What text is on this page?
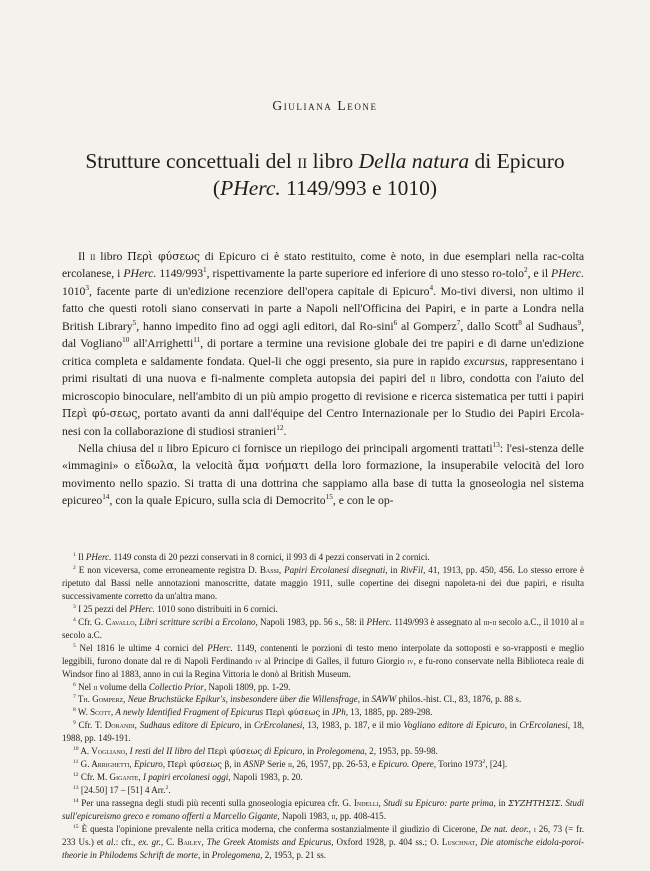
Giuliana Leone
Strutture concettuali del ii libro Della natura di Epicuro
(PHerc. 1149/993 e 1010)

Il ii libro Περὶ φύσεως di Epicuro ci è stato restituito, come è noto, in due esemplari nella rac-colta ercolanese, i PHerc. $1149/993^1$, rispettivamente la parte superiore ed inferiore di uno stesso ro-tolo$^2$, e il PHerc. 1010$^3$, facente parte di un'edizione recenziore dell'opera capitale di Epicuro$^4$. Mo-tivi diversi, non ultimo il fatto che questi rotoli siano conservati in parte a Napoli nell'Officina dei Papiri, e in parte a Londra nella British Library$^5$, hanno impedito fino ad oggi agli editori, dal Ro-sini$^6$ al Gomperz$^7$, dallo Scott$^8$ al Sudhaus$^9$, dal Vogliano$^{10}$ all'Arrighetti$^{11}$, di portare a termine una revisione globale dei tre papiri e di darne un'edizione critica completa e saldamente fondata. Quel-li che oggi presento, sia pure in rapido excursus, rappresentano i primi risultati di una nuova e fi-nalmente completa autopsia dei papiri del ii libro, condotta con l'aiuto del microscopio binoculare, nell'ambito di un più ampio progetto di revisione e ricerca sistematica per tutti i papiri Περὶ φύ-σεως, portato avanti da anni dall'équipe del Centro Internazionale per lo Studio dei Papiri Ercola-nesi con la collaborazione di studiosi stranieri$^{12}$.

Nella chiusa del ii libro Epicuro ci fornisce un riepilogo dei principali argomenti trattati$^{13}$: l'esi-stenza delle «immagini» o εἴδωλα, la velocità ἅμα νοήματι della loro formazione, la insuperabile velocità del loro movimento nello spazio. Si tratta di una dottrina che sappiamo alla base di tutta la gnoseologia nel sistema epicureo$^{14}$, con la quale Epicuro, sulla scia di Democrito$^{15}$, e con le op-

$^1$ Il PHerc. 1149 consta di 20 pezzi conservati in 8 cornici, il 993 di 4 pezzi conservati in 2 cornici.

$^2$ E non viceversa, come erroneamente registra D. Bassi, Papiri Ercolanesi disegnati, in RivFil, 41, 1913, pp. 450, 456. Lo stesso errore è ripetuto dal Bassi nelle annotazioni manoscritte, datate maggio 1911, sulle copertine dei disegni napoleta-ni dei due papiri, e risulta successivamente corretto da un'altra mano.

$^3$ I 25 pezzi del PHerc. 1010 sono distribuiti in 6 cornici.

$^4$ Cfr. G. Cavallo, Libri scritture scribi a Ercolano, Napoli 1983, pp. 56 s., 58: il PHerc. 1149/993 è assegnato al iii-ii secolo a.C., il 1010 al ii secolo a.C.

$^5$ Nel 1816 le ultime 4 cornici del PHerc. 1149, contenenti le porzioni di testo meno interpolate da sottoposti e so-vrapposti e meglio leggibili, furono donate dal re di Napoli Ferdinando iv al Principe di Galles, il futuro Giorgio iv, e fu-rono conservate nella Biblioteca reale di Windsor fino al 1883, anno in cui la Regina Vittoria le donò al British Museum.

$^6$ Nel ii volume della Collectio Prior, Napoli 1809, pp. 1-29.

$^7$ Th. Gomperz, Neue Bruchstücke Epikur's, insbesondere über die Willensfrage, in SAWW philos.-hist. Cl., 83, 1876, p. 88 s.

$^8$ W. Scott, A newly Identified Fragment of Epicurus Περὶ φύσεως in JPh, 13, 1885, pp. 289-298.

$^9$ Cfr. T. Dorandi, Sudhaus editore di Epicuro, in CrErcolanesi, 13, 1983, p. 187, e il mio Vogliano editore di Epicuro, in CrErcolanesi, 18, 1988, pp. 149-191.

$^{10}$ A. Vogliano, I resti del II libro del Περὶ φύσεως di Epicuro, in Prolegomena, 2, 1953, pp. 59-98.

$^{11}$ G. Arrighetti, Epicuro, Περὶ φύσεως β, in ASNP Serie ii, 26, 1957, pp. 26-53, e Epicuro. Opere, Torino 1973$^2$, [24].

$^{12}$ Cfr. M. Gigante, I papiri ercolanesi oggi, Napoli 1983, p. 20.

$^{13}$ [24.50] 17 – [51] 4 Arr.$^2$.

$^{14}$ Per una rassegna degli studi più recenti sulla gnoseologia epicurea cfr. G. Indelli, Studi su Epicuro: parte prima, in ΣΥΖΗΤΗΣΙΣ. Studi sull'epicureismo greco e romano offerti a Marcello Gigante, Napoli 1983, ii, pp. 408-415.

$^{15}$ È questa l'opinione prevalente nella critica moderna, che conferma sostanzialmente il giudizio di Cicerone, De nat. deor., i 26, 73 (= fr. 233 Us.) et al.: cfr., ex. gr., C. Bailey, The Greek Atomists and Epicurus, Oxford 1928, p. 404 ss.; O. Luschnat, Die atomische eidola-poroi-theorie in Philodems Schrift de morte, in Prolegomena, 2, 1953, p. 21 ss.
